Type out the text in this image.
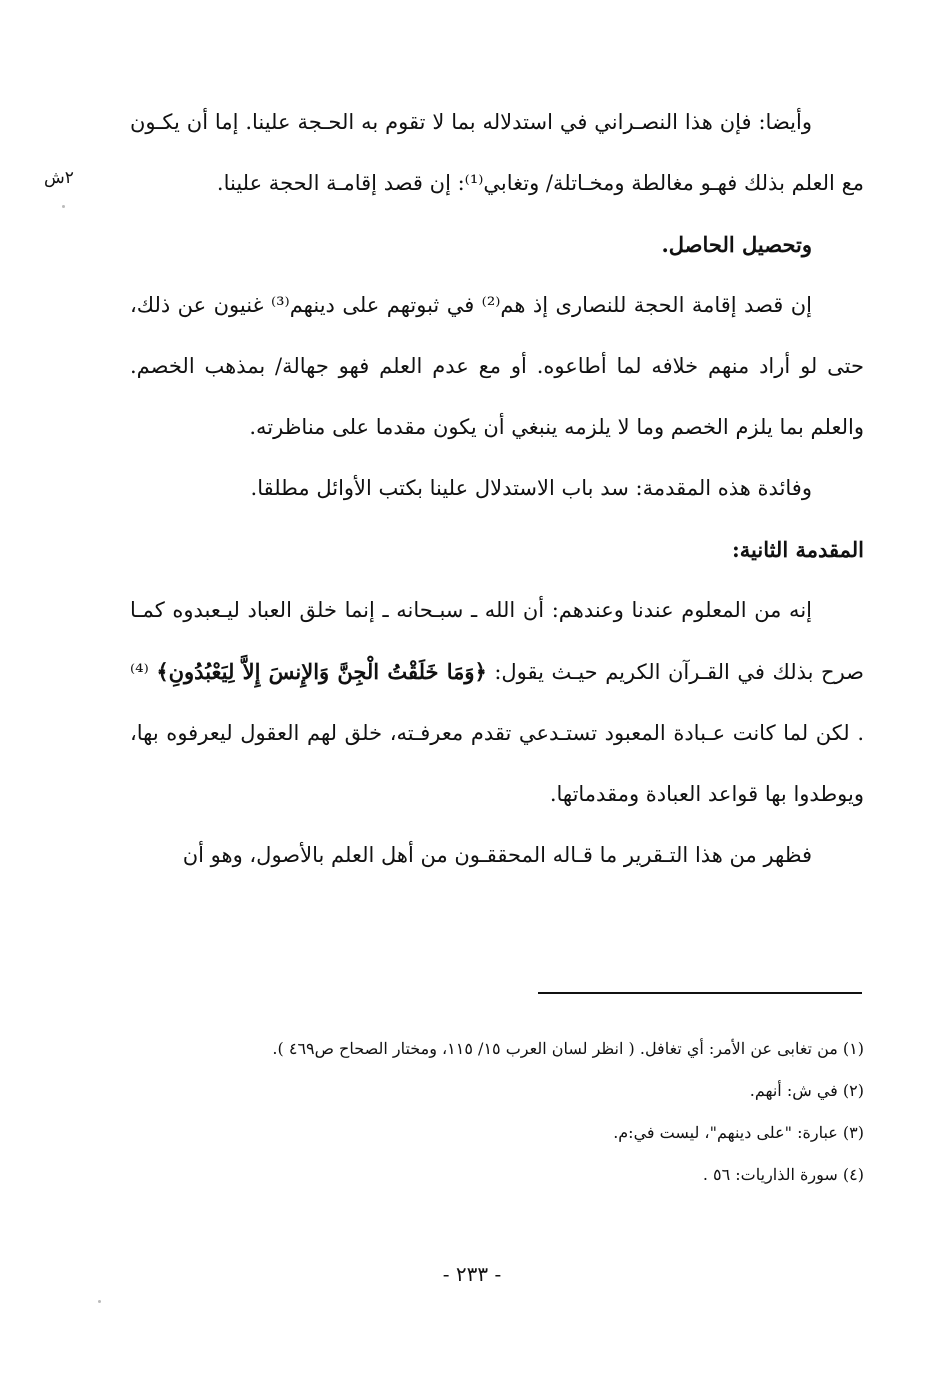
٢ش

وأيضا: فإن هذا النصـراني في استدلاله بما لا تقوم به الحـجة علينا. إما أن يكـون مع العلم بذلك فهـو مغالطة ومخـاتلة/ وتغابي⁽¹⁾: إن قصد إقامـة الحجة علينا.

وتحصيل الحاصل.

إن قصد إقامة الحجة للنصارى إذ هم⁽²⁾ في ثبوتهم على دينهم⁽³⁾ غنيون عن ذلك، حتى لو أراد منهم خلافه لما أطاعوه. أو مع عدم العلم فهو جهالة/ بمذهب الخصم. والعلم بما يلزم الخصم وما لا يلزمه ينبغي أن يكون مقدما على مناظرته.

وفائدة هذه المقدمة: سد باب الاستدلال علينا بكتب الأوائل مطلقا.

المقدمة الثانية:

إنه من المعلوم عندنا وعندهم: أن الله ـ سبـحانه ـ إنما خلق العباد ليـعبدوه كمـا صرح بذلك في القـرآن الكريم حيـث يقول: ﴿وَمَا خَلَقْتُ الْجِنَّ وَالإِنسَ إِلاَّ لِيَعْبُدُونِ﴾ ⁽⁴⁾ . لكن لما كانت عـبادة المعبود تستـدعي تقدم معرفـته، خلق لهم العقول ليعرفوه بها، ويوطدوا بها قواعد العبادة ومقدماتها.

فظهر من هذا التـقرير ما قـاله المحققـون من أهل العلم بالأصول، وهو أن

(١) من تغابى عن الأمر: أي تغافل. ( انظر لسان العرب ١٥/ ١١٥، ومختار الصحاح ص٤٦٩ ).

(٢) في ش: أنهم.

(٣) عبارة: "على دينهم"، ليست في:م.

(٤) سورة الذاريات: ٥٦ .

- ٢٣٣ -
